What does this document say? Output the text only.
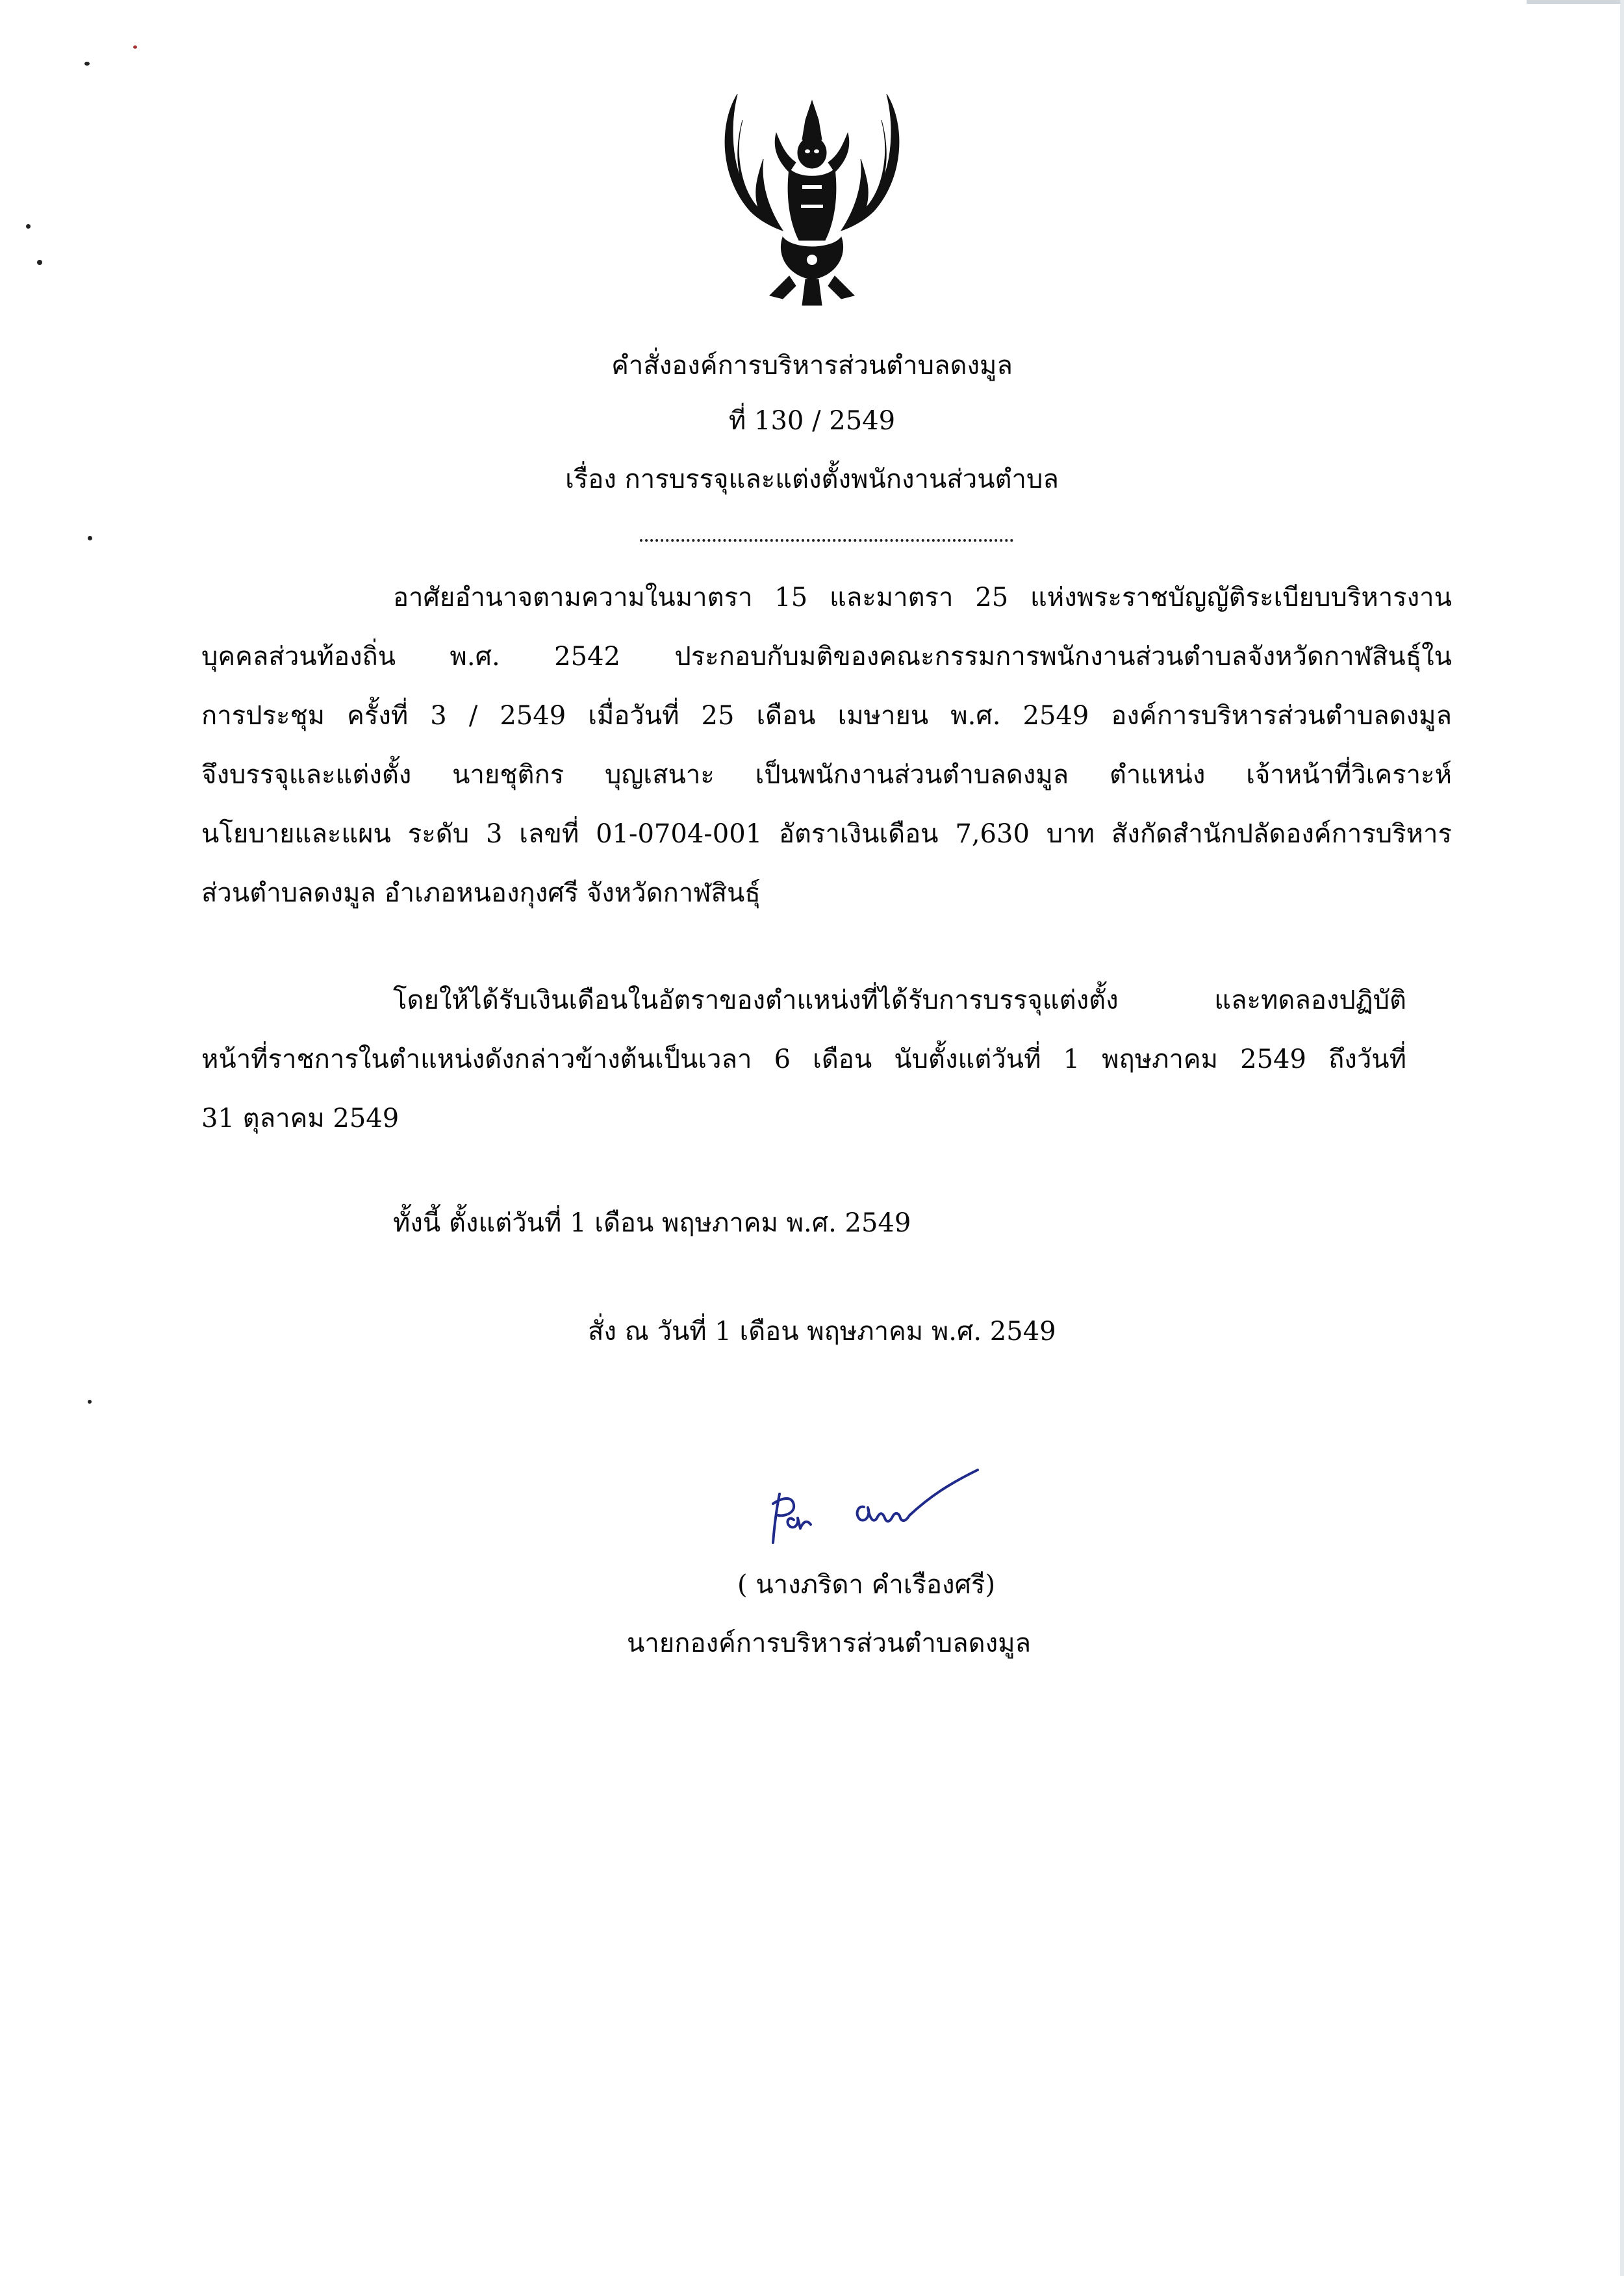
คำสั่งองค์การบริหารส่วนตำบลดงมูล
ที่ 130 / 2549
เรื่อง การบรรจุและแต่งตั้งพนักงานส่วนตำบล
อาศัยอำนาจตามความในมาตรา 15 และมาตรา 25 แห่งพระราชบัญญัติระเบียบบริหารงาน
บุคคลส่วนท้องถิ่น พ.ศ. 2542 ประกอบกับมติของคณะกรรมการพนักงานส่วนตำบลจังหวัดกาฬสินธุ์ใน
การประชุม ครั้งที่ 3 / 2549 เมื่อวันที่ 25 เดือน เมษายน พ.ศ. 2549 องค์การบริหารส่วนตำบลดงมูล
จึงบรรจุและแต่งตั้ง นายชุติกร บุญเสนาะ เป็นพนักงานส่วนตำบลดงมูล ตำแหน่ง เจ้าหน้าที่วิเคราะห์
นโยบายและแผน ระดับ 3 เลขที่ 01-0704-001 อัตราเงินเดือน 7,630 บาท สังกัดสำนักปลัดองค์การบริหาร
ส่วนตำบลดงมูล อำเภอหนองกุงศรี จังหวัดกาฬสินธุ์
โดยให้ได้รับเงินเดือนในอัตราของตำแหน่งที่ได้รับการบรรจุแต่งตั้ง และทดลองปฏิบัติ
หน้าที่ราชการในตำแหน่งดังกล่าวข้างต้นเป็นเวลา 6 เดือน นับตั้งแต่วันที่ 1 พฤษภาคม 2549 ถึงวันที่
31 ตุลาคม 2549
ทั้งนี้ ตั้งแต่วันที่ 1 เดือน พฤษภาคม พ.ศ. 2549
สั่ง ณ วันที่ 1 เดือน พฤษภาคม พ.ศ. 2549
( นางภริดา คำเรืองศรี)
นายกองค์การบริหารส่วนตำบลดงมูล
